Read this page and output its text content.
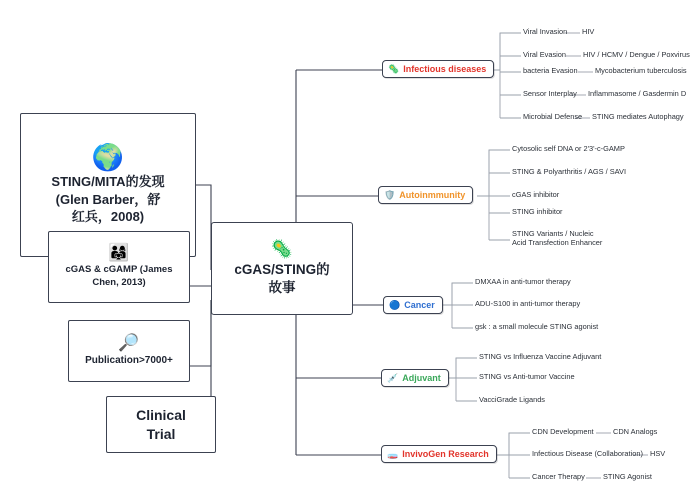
🌍
STING/MITA的发现
(Glen Barber，舒
红兵，2008)
👨‍👩‍👧
cGAS & cGAMP (James
Chen, 2013)
🔎
Publication>7000+
Clinical
Trial
🦠
cGAS/STING的
故事
🦠 Infectious diseases
Viral Invasion HIV
Viral Evasion HIV / HCMV / Dengue / Poxvirus
bacteria Evasion Mycobacterium tuberculosis
Sensor Interplay Inflammasome / Gasdermin D
Microbial Defense STING mediates Autophagy
🛡️ Autoinmmunity
Cytosolic self DNA or 2'3'-c-GAMP
STING & Polyarthritis / AGS / SAVI
cGAS inhibitor
STING inhibitor
STING Variants / Nucleic Acid Transfection Enhancer
🔵 Cancer
DMXAA in anti-tumor therapy
ADU-S100 in anti-tumor therapy
gsk : a small molecule STING agonist
💉 Adjuvant
STING vs Influenza Vaccine Adjuvant
STING vs Anti-tumor Vaccine
VacciGrade Ligands
🧫 InvivoGen Research
CDN Development	CDN Analogs
Infectious Disease (Collaboration) HSV
Cancer Therapy STING Agonist
